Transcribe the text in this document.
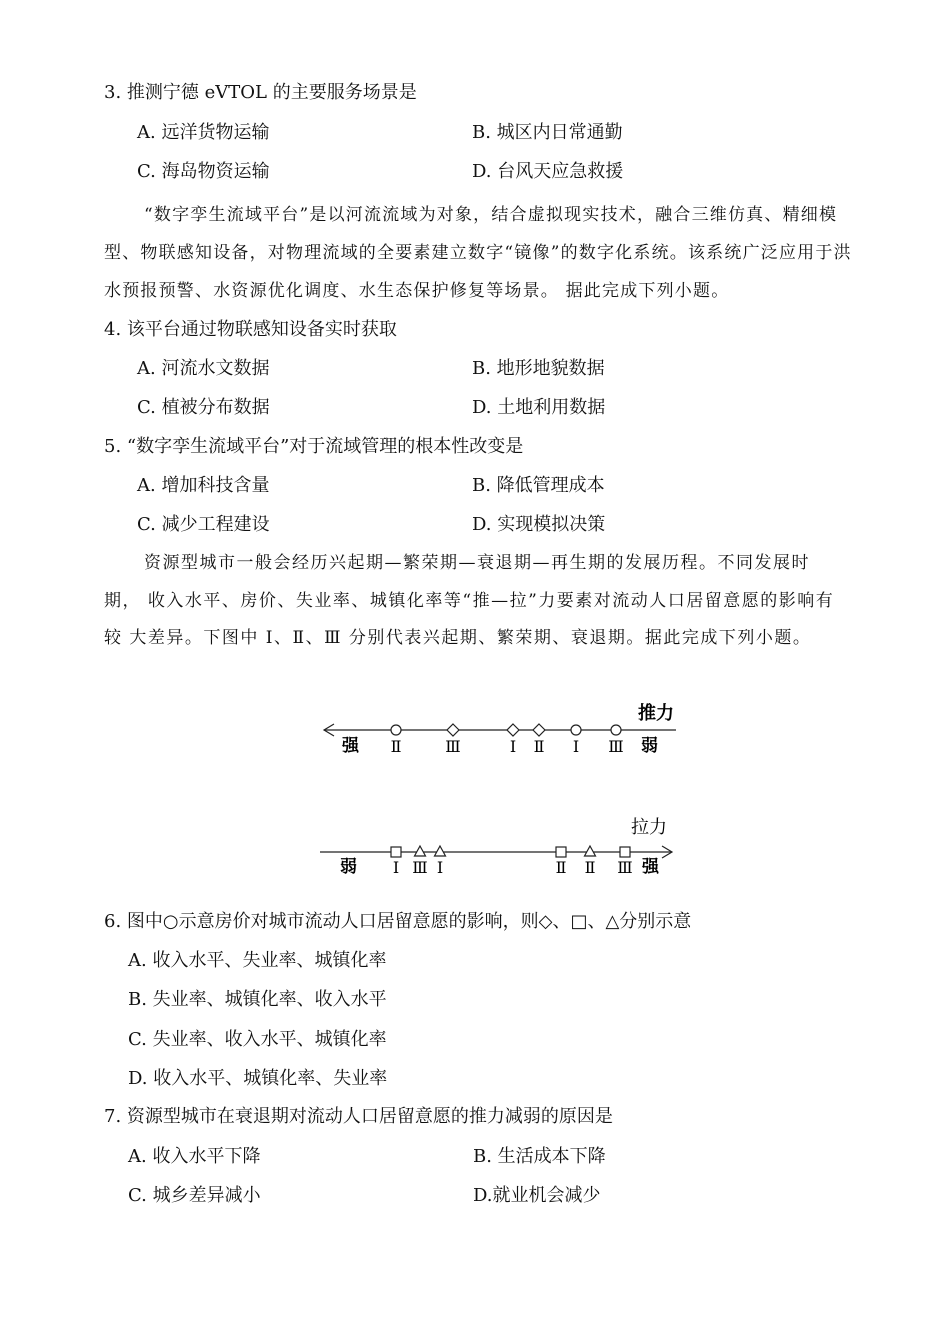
3. 推测宁德 eVTOL 的主要服务场景是
A. 远洋货物运输	B. 城区内日常通勤
C. 海岛物资运输	D. 台风天应急救援
“数字孪生流域平台”是以河流流域为对象，结合虚拟现实技术，融合三维仿真、精细模型、物联感知设备，对物理流域的全要素建立数字“镜像”的数字化系统。该系统广泛应用于洪水预报预警、水资源优化调度、水生态保护修复等场景。 据此完成下列小题。
4. 该平台通过物联感知设备实时获取
A. 河流水文数据	B. 地形地貌数据
C. 植被分布数据	D. 土地利用数据
5. “数字孪生流域平台”对于流域管理的根本性改变是
A. 增加科技含量	B. 降低管理成本
C. 减少工程建设	D. 实现模拟决策
资源型城市一般会经历兴起期—繁荣期—衰退期—再生期的发展历程。不同发展时期， 收入水平、房价、失业率、城镇化率等“推—拉”力要素对流动人口居留意愿的影响有较 大差异。下图中 Ⅰ、Ⅱ、Ⅲ 分别代表兴起期、繁荣期、衰退期。据此完成下列小题。
推力
强	弱
Ⅱ	Ⅲ	Ⅰ Ⅱ Ⅰ Ⅲ
拉力
弱	强
Ⅰ Ⅲ Ⅰ	Ⅱ Ⅱ Ⅲ
6. 图中○示意房价对城市流动人口居留意愿的影响，则◇、□、△分别示意
A. 收入水平、失业率、城镇化率
B. 失业率、城镇化率、收入水平
C. 失业率、收入水平、城镇化率
D. 收入水平、城镇化率、失业率
7. 资源型城市在衰退期对流动人口居留意愿的推力减弱的原因是
A. 收入水平下降	B. 生活成本下降
C. 城乡差异减小	D.就业机会减少
